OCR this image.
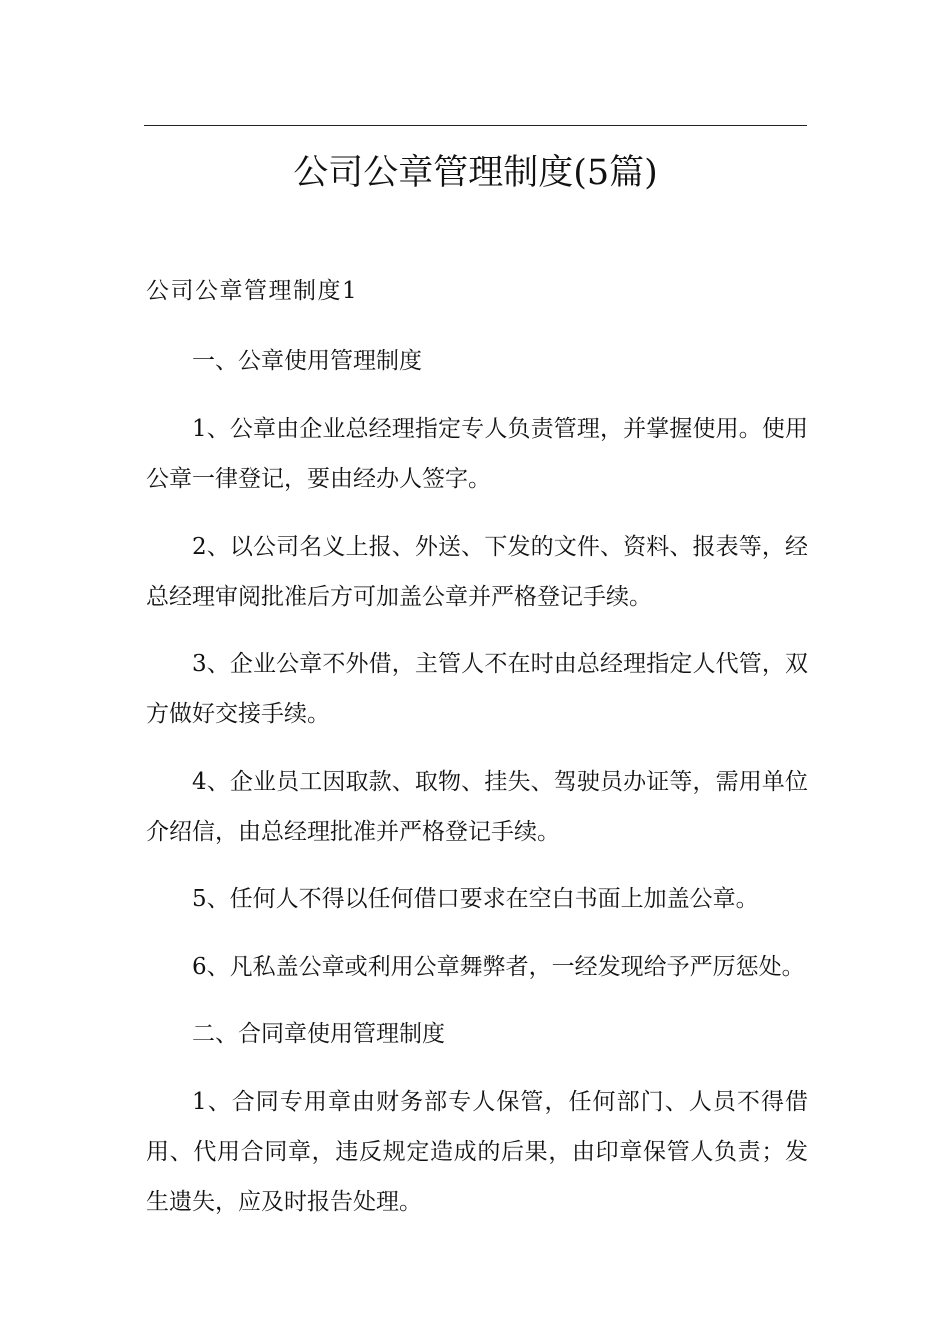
公司公章管理制度(5篇)
公司公章管理制度1
一、公章使用管理制度
1、公章由企业总经理指定专人负责管理，并掌握使用。使用公章一律登记，要由经办人签字。
2、以公司名义上报、外送、下发的文件、资料、报表等，经总经理审阅批准后方可加盖公章并严格登记手续。
3、企业公章不外借，主管人不在时由总经理指定人代管，双方做好交接手续。
4、企业员工因取款、取物、挂失、驾驶员办证等，需用单位介绍信，由总经理批准并严格登记手续。
5、任何人不得以任何借口要求在空白书面上加盖公章。
6、凡私盖公章或利用公章舞弊者，一经发现给予严厉惩处。
二、合同章使用管理制度
1、合同专用章由财务部专人保管，任何部门、人员不得借用、代用合同章，违反规定造成的后果，由印章保管人负责；发生遗失，应及时报告处理。
